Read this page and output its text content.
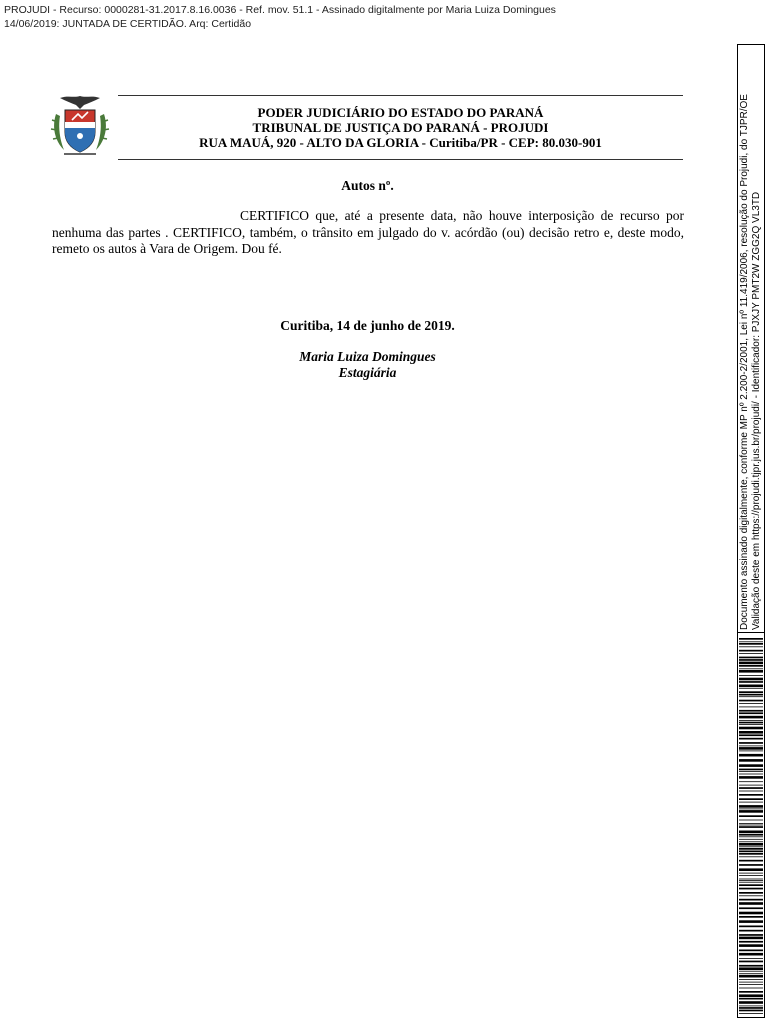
PROJUDI - Recurso: 0000281-31.2017.8.16.0036 - Ref. mov. 51.1 - Assinado digitalmente por Maria Luiza Domingues
14/06/2019: JUNTADA DE CERTIDÃO. Arq: Certidão
PODER JUDICIÁRIO DO ESTADO DO PARANÁ
TRIBUNAL DE JUSTIÇA DO PARANÁ - PROJUDI
RUA MAUÁ, 920 - ALTO DA GLORIA - Curitiba/PR - CEP: 80.030-901
Autos nº.

CERTIFICO que, até a presente data, não houve interposição de recurso por nenhuma das partes . CERTIFICO, também, o trânsito em julgado do v. acórdão (ou) decisão retro e, deste modo, remeto os autos à Vara de Origem. Dou fé.

Curitiba, 14 de junho de 2019.
Maria Luiza Domingues
Estagiária	Documento assinado digitalmente, conforme MP nº 2.200-2/2001, Lei nº 11.419/2006, resolução do Projudi, do TJPR/OE Validação deste em https://projudi.tjpr.jus.br/projudi/ - Identificador: PJXJY PMT2W ZGG2Q VL3TD
